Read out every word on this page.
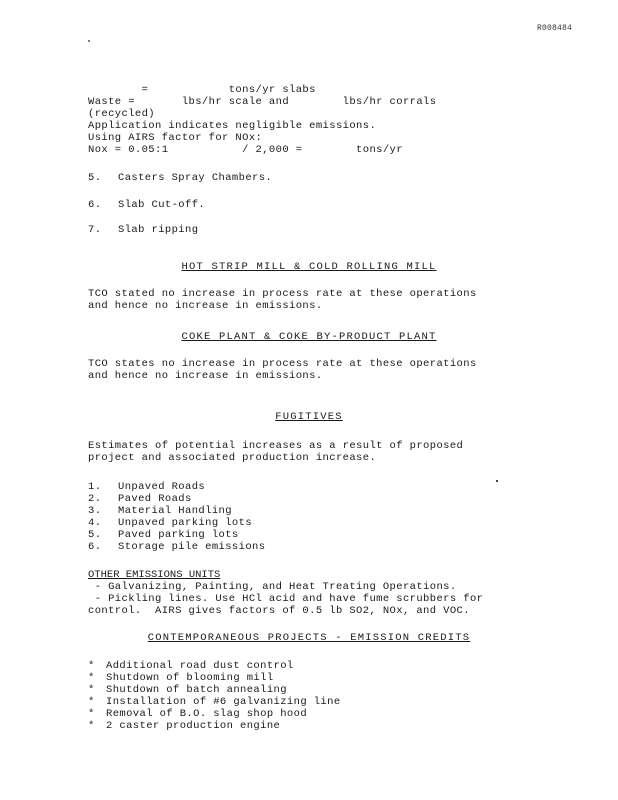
R008484
=            tons/yr slabs
Waste =       lbs/hr scale and        lbs/hr corrals
(recycled)
Application indicates negligible emissions.
Using AIRS factor for NOx:
Nox = 0.05:1           / 2,000 =        tons/yr
5. Casters Spray Chambers.
6. Slab Cut-off.
7. Slab ripping
HOT STRIP MILL & COLD ROLLING MILL
TCO stated no increase in process rate at these operations
and hence no increase in emissions.
COKE PLANT & COKE BY-PRODUCT PLANT
TCO states no increase in process rate at these operations
and hence no increase in emissions.
FUGITIVES
Estimates of potential increases as a result of proposed
project and associated production increase.
1. Unpaved Roads
2. Paved Roads
3. Material Handling
4. Unpaved parking lots
5. Paved parking lots
6. Storage pile emissions
OTHER EMISSIONS UNITS
- Galvanizing, Painting, and Heat Treating Operations.
- Pickling lines. Use HCl acid and have fume scrubbers for
control.  AIRS gives factors of 0.5 lb SO2, NOx, and VOC.
CONTEMPORANEOUS PROJECTS - EMISSION CREDITS
* Additional road dust control
* Shutdown of blooming mill
* Shutdown of batch annealing
* Installation of #6 galvanizing line
* Removal of B.O. slag shop hood
* 2 caster production engine
